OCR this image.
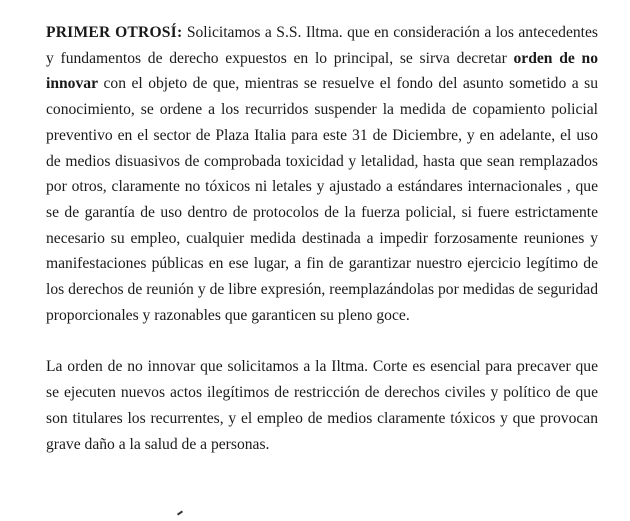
PRIMER OTROSÍ: Solicitamos a S.S. Iltma. que en consideración a los antecedentes y fundamentos de derecho expuestos en lo principal, se sirva decretar orden de no innovar con el objeto de que, mientras se resuelve el fondo del asunto sometido a su conocimiento, se ordene a los recurridos suspender la medida de copamiento policial preventivo en el sector de Plaza Italia para este 31 de Diciembre, y en adelante, el uso de medios disuasivos de comprobada toxicidad y letalidad, hasta que sean remplazados por otros, claramente no tóxicos ni letales y ajustado a estándares internacionales , que se de garantía de uso dentro de protocolos de la fuerza policial, si fuere estrictamente necesario su empleo, cualquier medida destinada a impedir forzosamente reuniones y manifestaciones públicas en ese lugar, a fin de garantizar nuestro ejercicio legítimo de los derechos de reunión y de libre expresión, reemplazándolas por medidas de seguridad proporcionales y razonables que garanticen su pleno goce.

La orden de no innovar que solicitamos a la Iltma. Corte es esencial para precaver que se ejecuten nuevos actos ilegítimos de restricción de derechos civiles y político de que son titulares los recurrentes, y el empleo de medios claramente tóxicos y que provocan grave daño a la salud de a personas.
